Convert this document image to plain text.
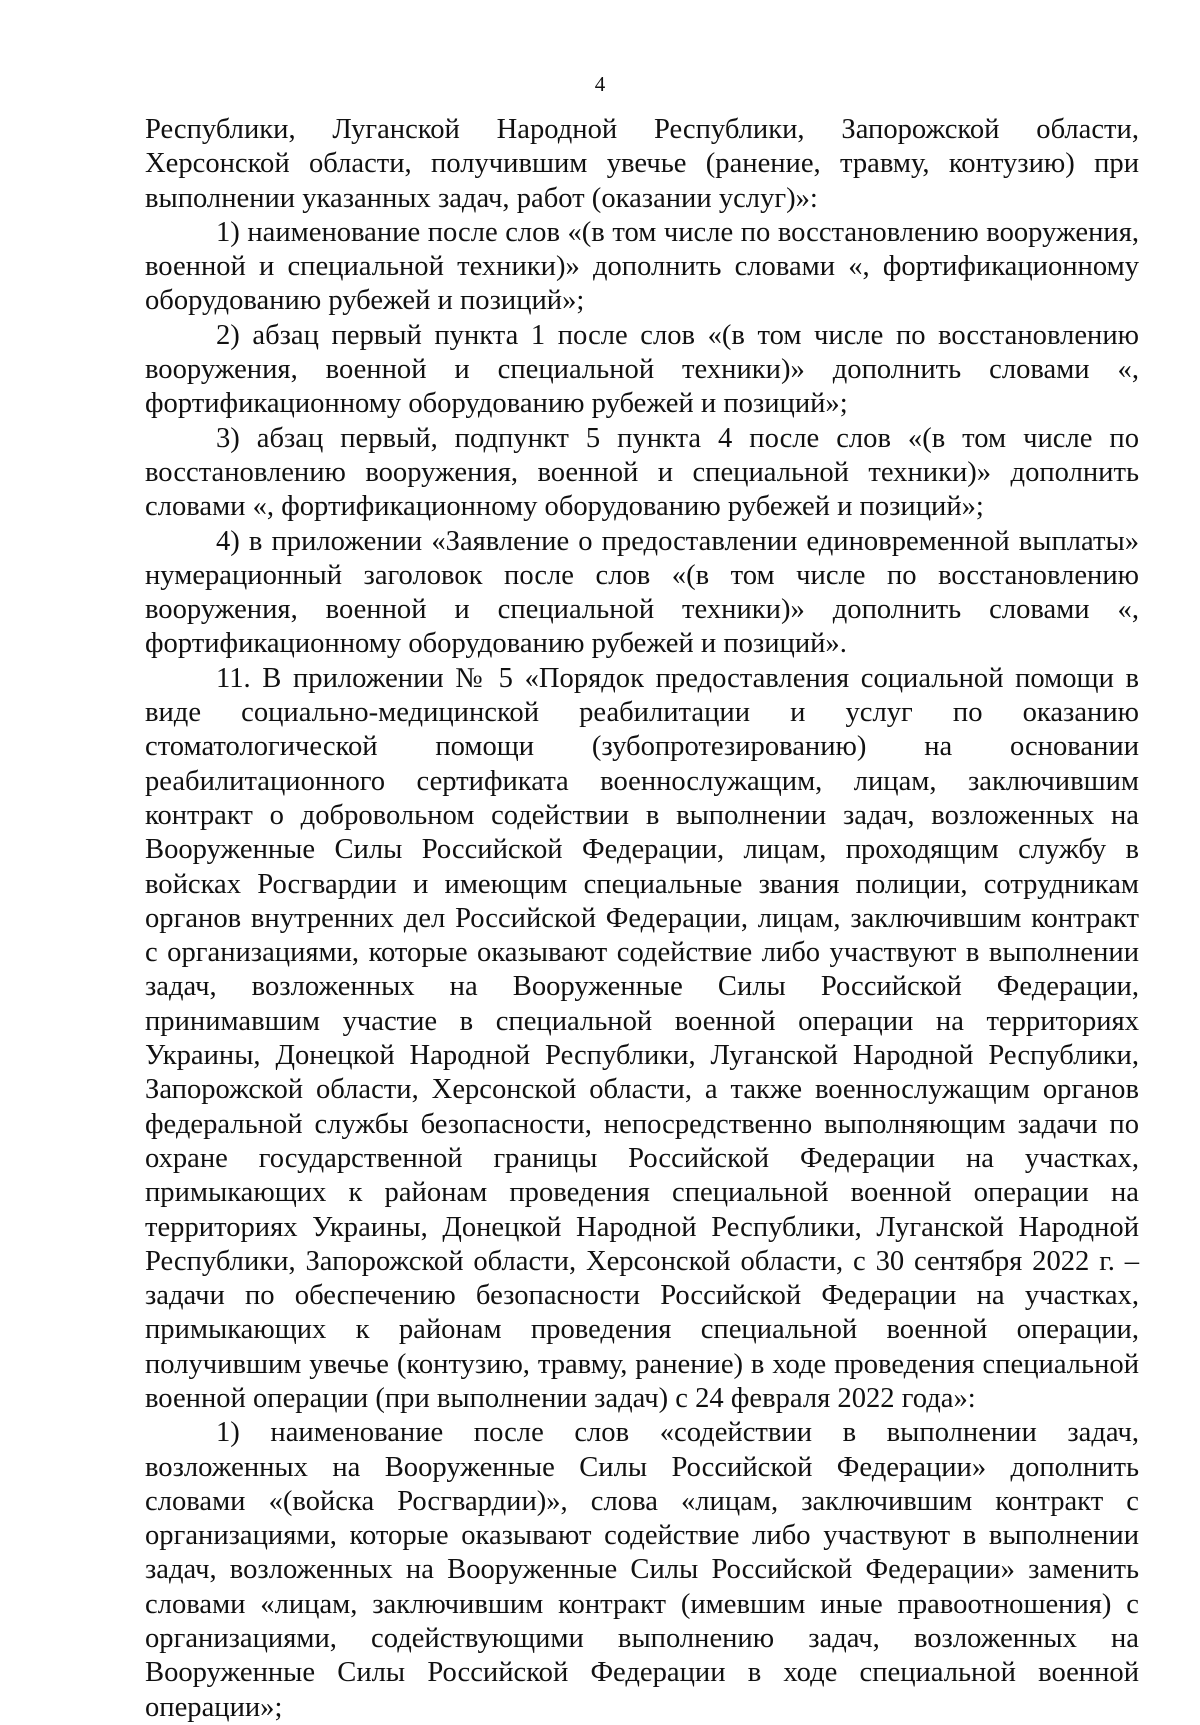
4

Республики, Луганской Народной Республики, Запорожской области, Херсонской области, получившим увечье (ранение, травму, контузию) при выполнении указанных задач, работ (оказании услуг)»:

1) наименование после слов «(в том числе по восстановлению вооружения, военной и специальной техники)» дополнить словами «, фортификационному оборудованию рубежей и позиций»;

2) абзац первый пункта 1 после слов «(в том числе по восстановлению вооружения, военной и специальной техники)» дополнить словами «, фортификационному оборудованию рубежей и позиций»;

3) абзац первый, подпункт 5 пункта 4 после слов «(в том числе по восстановлению вооружения, военной и специальной техники)» дополнить словами «, фортификационному оборудованию рубежей и позиций»;

4) в приложении «Заявление о предоставлении единовременной выплаты» нумерационный заголовок после слов «(в том числе по восстановлению вооружения, военной и специальной техники)» дополнить словами «, фортификационному оборудованию рубежей и позиций».

11. В приложении № 5 «Порядок предоставления социальной помощи в виде социально-медицинской реабилитации и услуг по оказанию стоматологической помощи (зубопротезированию) на основании реабилитационного сертификата военнослужащим, лицам, заключившим контракт о добровольном содействии в выполнении задач, возложенных на Вооруженные Силы Российской Федерации, лицам, проходящим службу в войсках Росгвардии и имеющим специальные звания полиции, сотрудникам органов внутренних дел Российской Федерации, лицам, заключившим контракт с организациями, которые оказывают содействие либо участвуют в выполнении задач, возложенных на Вооруженные Силы Российской Федерации, принимавшим участие в специальной военной операции на территориях Украины, Донецкой Народной Республики, Луганской Народной Республики, Запорожской области, Херсонской области, а также военнослужащим органов федеральной службы безопасности, непосредственно выполняющим задачи по охране государственной границы Российской Федерации на участках, примыкающих к районам проведения специальной военной операции на территориях Украины, Донецкой Народной Республики, Луганской Народной Республики, Запорожской области, Херсонской области, с 30 сентября 2022 г. – задачи по обеспечению безопасности Российской Федерации на участках, примыкающих к районам проведения специальной военной операции, получившим увечье (контузию, травму, ранение) в ходе проведения специальной военной операции (при выполнении задач) с 24 февраля 2022 года»:

1) наименование после слов «содействии в выполнении задач, возложенных на Вооруженные Силы Российской Федерации» дополнить словами «(войска Росгвардии)», слова «лицам, заключившим контракт с организациями, которые оказывают содействие либо участвуют в выполнении задач, возложенных на Вооруженные Силы Российской Федерации» заменить словами «лицам, заключившим контракт (имевшим иные правоотношения) с организациями, содействующими выполнению задач, возложенных на Вооруженные Силы Российской Федерации в ходе специальной военной операции»;
